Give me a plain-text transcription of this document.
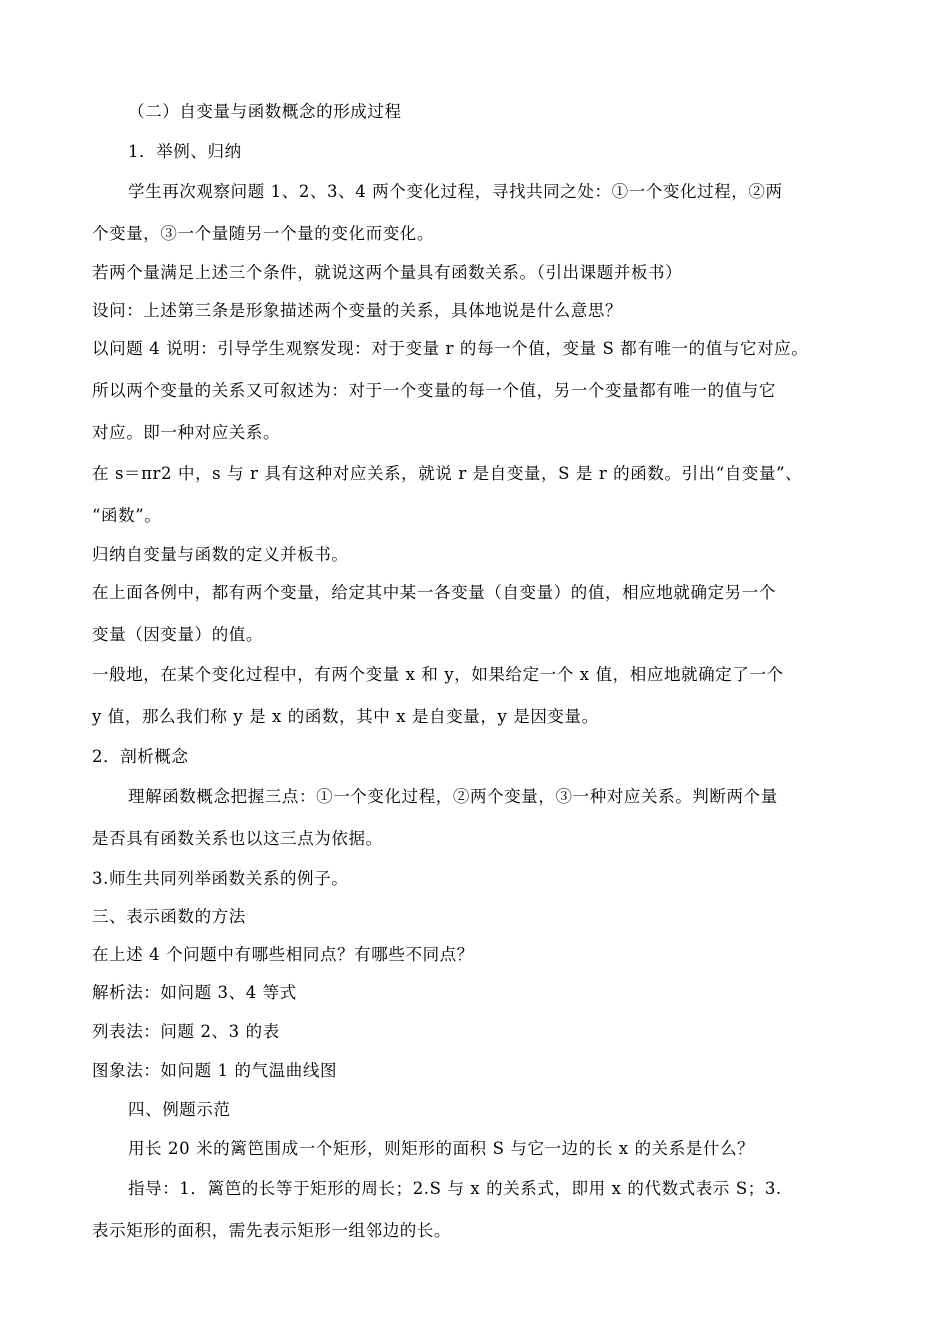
（二）自变量与函数概念的形成过程

1．举例、归纳

学生再次观察问题 1、2、3、4 两个变化过程，寻找共同之处：①一个变化过程，②两

个变量，③一个量随另一个量的变化而变化。

若两个量满足上述三个条件，就说这两个量具有函数关系。（引出课题并板书）

设问：上述第三条是形象描述两个变量的关系，具体地说是什么意思？

以问题 4 说明：引导学生观察发现：对于变量 r 的每一个值，变量 S 都有唯一的值与它对应。

所以两个变量的关系又可叙述为：对于一个变量的每一个值，另一个变量都有唯一的值与它

对应。即一种对应关系。

在 s＝πr2 中，s 与 r 具有这种对应关系，就说 r 是自变量，S 是 r 的函数。引出“自变量”、

“函数”。

归纳自变量与函数的定义并板书。

在上面各例中，都有两个变量，给定其中某一各变量（自变量）的值，相应地就确定另一个

变量（因变量）的值。

一般地，在某个变化过程中，有两个变量 x 和 y，如果给定一个 x 值，相应地就确定了一个

y 值，那么我们称 y 是 x 的函数，其中 x 是自变量，y 是因变量。

2．剖析概念

理解函数概念把握三点：①一个变化过程，②两个变量，③一种对应关系。判断两个量

是否具有函数关系也以这三点为依据。

3.师生共同列举函数关系的例子。

三、表示函数的方法

在上述 4 个问题中有哪些相同点？有哪些不同点？

解析法：如问题 3、4 等式

列表法：问题 2、3 的表

图象法：如问题 1 的气温曲线图

四、例题示范

用长 20 米的篱笆围成一个矩形，则矩形的面积 S 与它一边的长 x 的关系是什么？

指导：1．篱笆的长等于矩形的周长；2.S 与 x 的关系式，即用 x 的代数式表示 S；3.

表示矩形的面积，需先表示矩形一组邻边的长。
